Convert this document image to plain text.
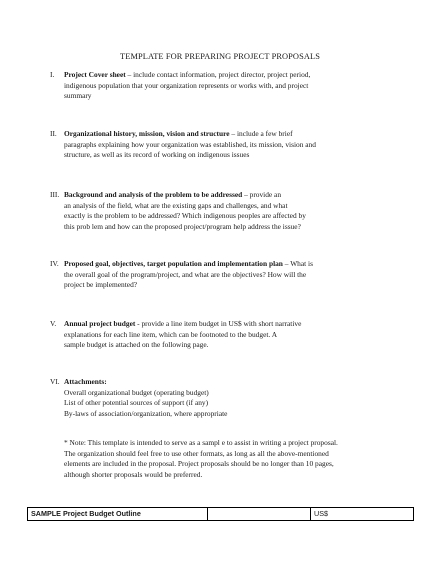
TEMPLATE FOR PREPARING PROJECT PROPOSALS
I. Project Cover sheet – include contact information, project director, project period,
indigenous population that your organization represents or works with, and project
summary
II. Organizational history, mission, vision and structure – include a few brief
paragraphs explaining how your organization was established, its mission, vision and
structure, as well as its record of working on indigenous issues
III. Background and analysis of the problem to be addressed – provide an
an analysis of the field, what are the existing gaps and challenges, and what
exactly is the problem to be addressed? Which indigenous peoples are affected by
this prob lem and how can the proposed project/program help address the issue?
IV. Proposed goal, objectives, target population and implementation plan – What is
the overall goal of the program/project, and what are the objectives? How will the
project be implemented?
V. Annual project budget - provide a line item budget in US$ with short narrative
explanations for each line item, which can be footnoted to the budget. A
sample budget is attached on the following page.
VI. Attachments:
Overall organizational budget (operating budget)
List of other potential sources of support (if any)
By-laws of association/organization, where appropriate
* Note: This template is intended to serve as a sampl e to assist in writing a project proposal.
The organization should feel free to use other formats, as long as all the above-mentioned
elements are included in the proposal. Project proposals should be no longer than 10 pages,
although shorter proposals would be preferred.
SAMPLE Project Budget Outline	US$
